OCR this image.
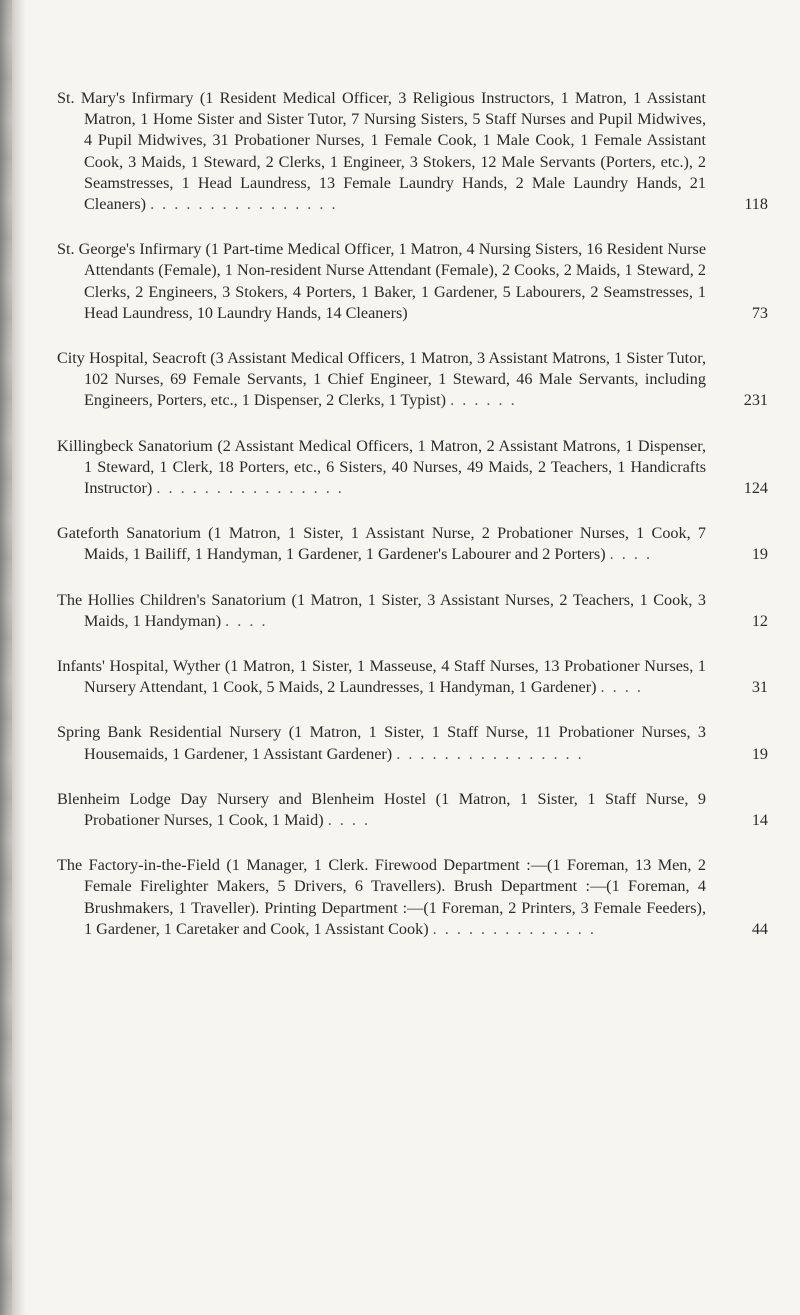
St. Mary's Infirmary (1 Resident Medical Officer, 3 Religious Instructors, 1 Matron, 1 Assistant Matron, 1 Home Sister and Sister Tutor, 7 Nursing Sisters, 5 Staff Nurses and Pupil Midwives, 4 Pupil Midwives, 31 Probationer Nurses, 1 Female Cook, 1 Male Cook, 1 Female Assistant Cook, 3 Maids, 1 Steward, 2 Clerks, 1 Engineer, 3 Stokers, 12 Male Servants (Porters, etc.), 2 Seamstresses, 1 Head Laundress, 13 Female Laundry Hands, 2 Male Laundry Hands, 21 Cleaners) . . . . . . . . . . . . . . . .	118

St. George's Infirmary (1 Part-time Medical Officer, 1 Matron, 4 Nursing Sisters, 16 Resident Nurse Attendants (Female), 1 Non-resident Nurse Attendant (Female), 2 Cooks, 2 Maids, 1 Steward, 2 Clerks, 2 Engineers, 3 Stokers, 4 Porters, 1 Baker, 1 Gardener, 5 Labourers, 2 Seamstresses, 1 Head Laundress, 10 Laundry Hands, 14 Cleaners)	73

City Hospital, Seacroft (3 Assistant Medical Officers, 1 Matron, 3 Assistant Matrons, 1 Sister Tutor, 102 Nurses, 69 Female Servants, 1 Chief Engineer, 1 Steward, 46 Male Servants, including Engineers, Porters, etc., 1 Dispenser, 2 Clerks, 1 Typist) . . . . . .	231

Killingbeck Sanatorium (2 Assistant Medical Officers, 1 Matron, 2 Assistant Matrons, 1 Dispenser, 1 Steward, 1 Clerk, 18 Porters, etc., 6 Sisters, 40 Nurses, 49 Maids, 2 Teachers, 1 Handicrafts Instructor) . . . . . . . . . . . . . . . .	124

Gateforth Sanatorium (1 Matron, 1 Sister, 1 Assistant Nurse, 2 Probationer Nurses, 1 Cook, 7 Maids, 1 Bailiff, 1 Handyman, 1 Gardener, 1 Gardener's Labourer and 2 Porters) . . . .	19

The Hollies Children's Sanatorium (1 Matron, 1 Sister, 3 Assistant Nurses, 2 Teachers, 1 Cook, 3 Maids, 1 Handyman) . . . .	12

Infants' Hospital, Wyther (1 Matron, 1 Sister, 1 Masseuse, 4 Staff Nurses, 13 Probationer Nurses, 1 Nursery Attendant, 1 Cook, 5 Maids, 2 Laundresses, 1 Handyman, 1 Gardener) . . . .	31

Spring Bank Residential Nursery (1 Matron, 1 Sister, 1 Staff Nurse, 11 Probationer Nurses, 3 Housemaids, 1 Gardener, 1 Assistant Gardener) . . . . . . . . . . . . . . . .	19

Blenheim Lodge Day Nursery and Blenheim Hostel (1 Matron, 1 Sister, 1 Staff Nurse, 9 Probationer Nurses, 1 Cook, 1 Maid) . . . .	14

The Factory-in-the-Field (1 Manager, 1 Clerk. Firewood Department :—(1 Foreman, 13 Men, 2 Female Firelighter Makers, 5 Drivers, 6 Travellers). Brush Department :—(1 Foreman, 4 Brushmakers, 1 Traveller). Printing Department :—(1 Foreman, 2 Printers, 3 Female Feeders), 1 Gardener, 1 Caretaker and Cook, 1 Assistant Cook) . . . . . . . . . . . . . .	44
